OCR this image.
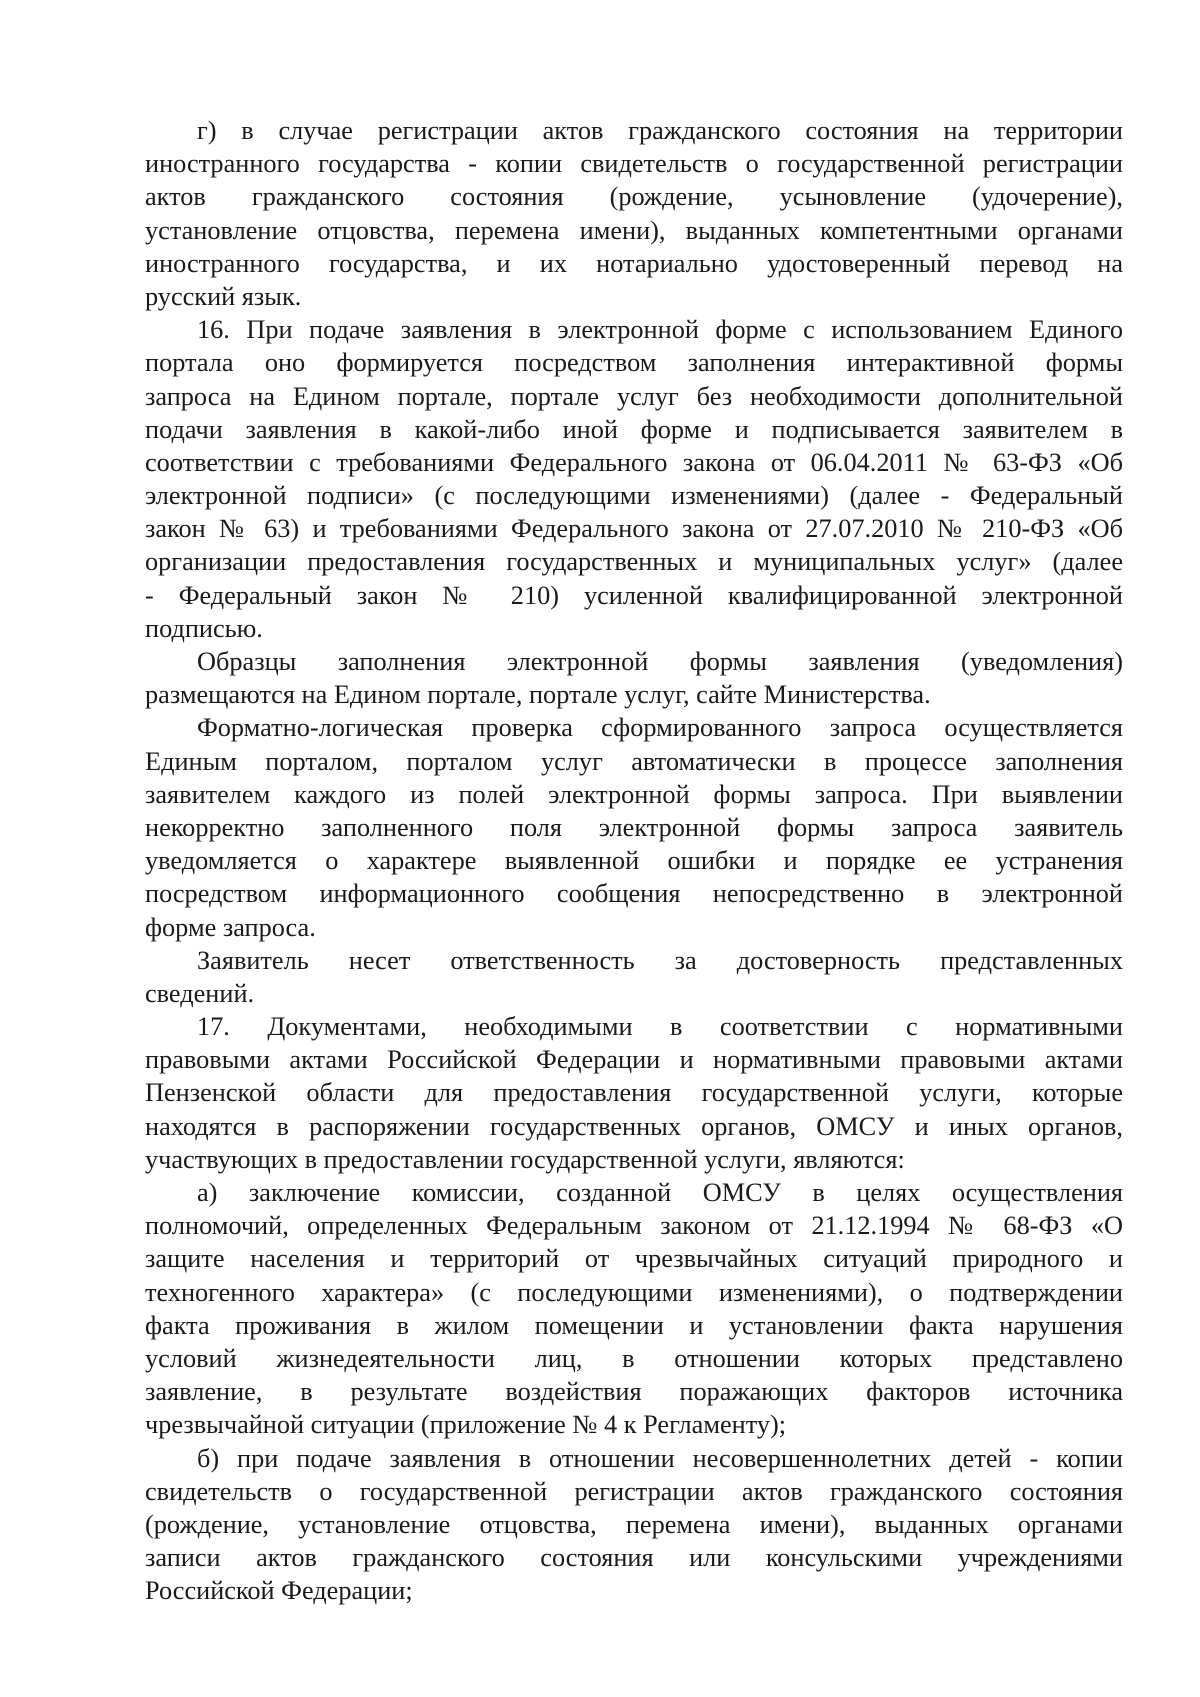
г) в случае регистрации актов гражданского состояния на территории
иностранного государства - копии свидетельств о государственной регистрации
актов гражданского состояния (рождение, усыновление (удочерение),
установление отцовства, перемена имени), выданных компетентными органами
иностранного государства, и их нотариально удостоверенный перевод на
русский язык.
16. При подаче заявления в электронной форме с использованием Единого
портала оно формируется посредством заполнения интерактивной формы
запроса на Едином портале, портале услуг без необходимости дополнительной
подачи заявления в какой-либо иной форме и подписывается заявителем в
соответствии с требованиями Федерального закона от 06.04.2011 № 63-ФЗ «Об
электронной подписи» (с последующими изменениями) (далее - Федеральный
закон № 63) и требованиями Федерального закона от 27.07.2010 № 210-ФЗ «Об
организации предоставления государственных и муниципальных услуг» (далее
- Федеральный закон № 210) усиленной квалифицированной электронной
подписью.
Образцы заполнения электронной формы заявления (уведомления)
размещаются на Едином портале, портале услуг, сайте Министерства.
Форматно-логическая проверка сформированного запроса осуществляется
Единым порталом, порталом услуг автоматически в процессе заполнения
заявителем каждого из полей электронной формы запроса. При выявлении
некорректно заполненного поля электронной формы запроса заявитель
уведомляется о характере выявленной ошибки и порядке ее устранения
посредством информационного сообщения непосредственно в электронной
форме запроса.
Заявитель несет ответственность за достоверность представленных
сведений.
17. Документами, необходимыми в соответствии с нормативными
правовыми актами Российской Федерации и нормативными правовыми актами
Пензенской области для предоставления государственной услуги, которые
находятся в распоряжении государственных органов, ОМСУ и иных органов,
участвующих в предоставлении государственной услуги, являются:
а) заключение комиссии, созданной ОМСУ в целях осуществления
полномочий, определенных Федеральным законом от 21.12.1994 № 68-ФЗ «О
защите населения и территорий от чрезвычайных ситуаций природного и
техногенного характера» (с последующими изменениями), о подтверждении
факта проживания в жилом помещении и установлении факта нарушения
условий жизнедеятельности лиц, в отношении которых представлено
заявление, в результате воздействия поражающих факторов источника
чрезвычайной ситуации (приложение № 4 к Регламенту);
б) при подаче заявления в отношении несовершеннолетних детей - копии
свидетельств о государственной регистрации актов гражданского состояния
(рождение, установление отцовства, перемена имени), выданных органами
записи актов гражданского состояния или консульскими учреждениями
Российской Федерации;
